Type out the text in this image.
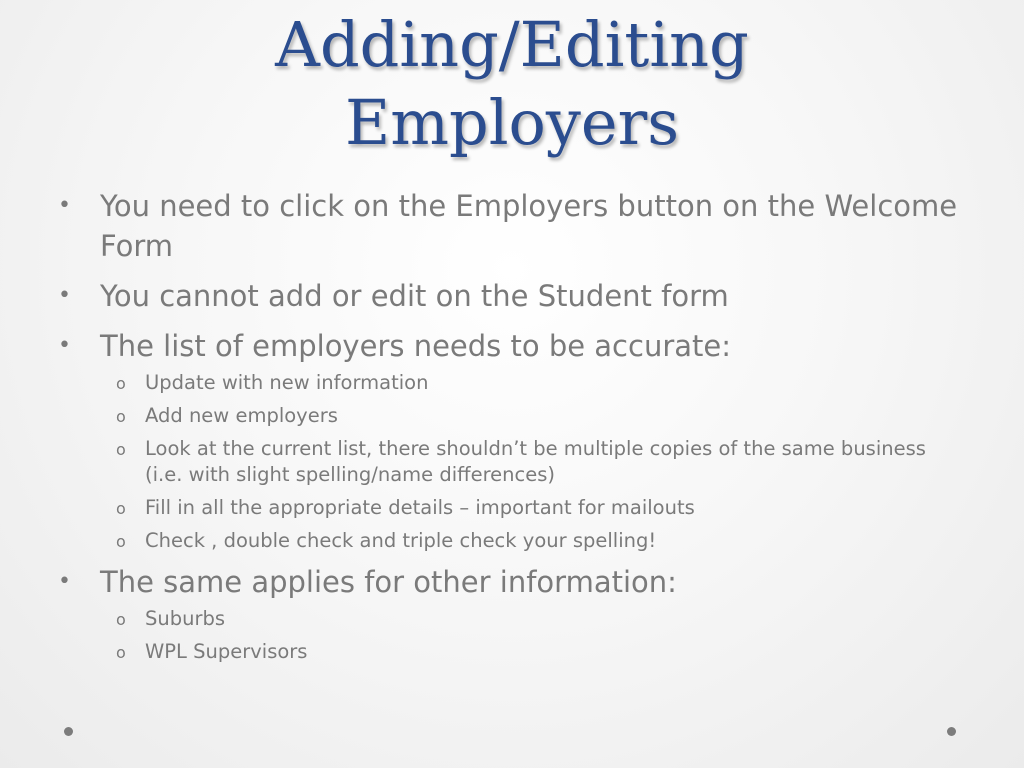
Adding/Editing
Employers
• You need to click on the Employers button on the Welcome Form
• You cannot add or edit on the Student form
• The list of employers needs to be accurate:
o Update with new information
o Add new employers
o Look at the current list, there shouldn’t be multiple copies of the same business (i.e. with slight spelling/name differences)
o Fill in all the appropriate details – important for mailouts
o Check , double check and triple check your spelling!
• The same applies for other information:
o Suburbs
o WPL Supervisors
